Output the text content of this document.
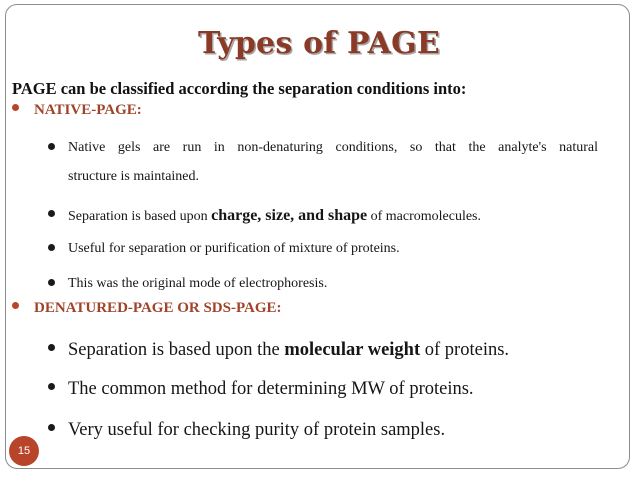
Types of PAGE
PAGE can be classified according the separation conditions into:
NATIVE-PAGE:
Native gels are run in non-denaturing conditions, so that the analyte's natural
structure is maintained.
Separation is based upon charge, size, and shape of macromolecules.
Useful for separation or purification of mixture of proteins.
This was the original mode of electrophoresis.
DENATURED-PAGE OR SDS-PAGE:
Separation is based upon the molecular weight of proteins.
The common method for determining MW of proteins.
Very useful for checking purity of protein samples.
15
